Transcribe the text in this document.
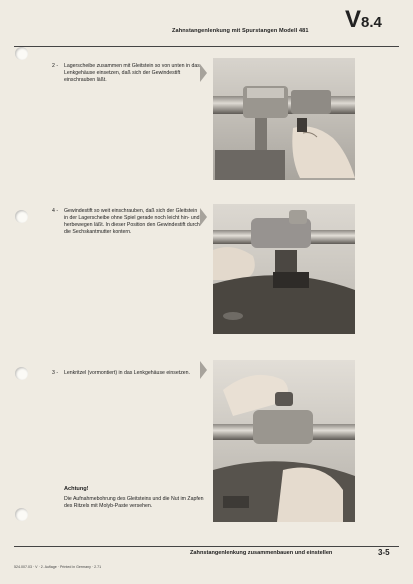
Zahnstangenlenkung mit Spurstangen Modell 481 V8.4
2 - Lagerscheibe zusammen mit Gleitstein so von unten in das Lenkgehäuse einsetzen, daß sich der Gewindestift einschrauben läßt.
4 - Gewindestift so weit einschrauben, daß sich der Gleitstein in der Lagerscheibe ohne Spiel gerade noch leicht hin- und herbewegen läßt. In dieser Position den Gewindestift durch die Sechskantmutter kontern.
3 - Lenkritzel (vormontiert) in das Lenkgehäuse einsetzen.
Achtung!
Die Aufnahmebohrung des Gleitsteins und die Nut im Zapfen des Ritzels mit Molyb-Paste versehen.
Zahnstangenlenkung zusammenbauen und einstellen	3-5
524.007.03 · V · 2. Auflage · Printed in Germany · 2.71
